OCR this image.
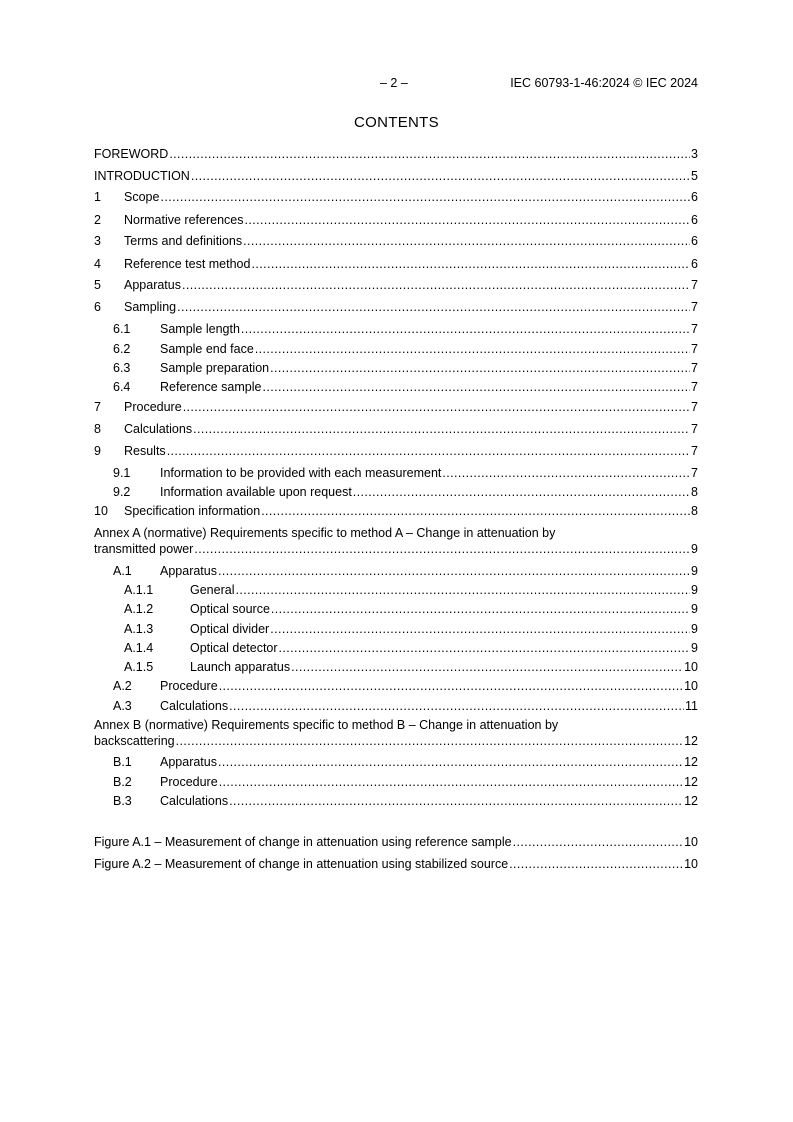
– 2 –	IEC 60793-1-46:2024 © IEC 2024
CONTENTS
FOREWORD .....	3
INTRODUCTION .....	5
1	Scope .....	6
2	Normative references .....	6
3	Terms and definitions .....	6
4	Reference test method .....	6
5	Apparatus .....	7
6	Sampling .....	7
6.1	Sample length .....	7
6.2	Sample end face .....	7
6.3	Sample preparation .....	7
6.4	Reference sample .....	7
7	Procedure .....	7
8	Calculations .....	7
9	Results .....	7
9.1	Information to be provided with each measurement .....	7
9.2	Information available upon request .....	8
10	Specification information .....	8
Annex A (normative) Requirements specific to method A – Change in attenuation by
transmitted power .....	9
A.1	Apparatus .....	9
A.1.1	General .....	9
A.1.2	Optical source .....	9
A.1.3	Optical divider .....	9
A.1.4	Optical detector .....	9
A.1.5	Launch apparatus .....	10
A.2	Procedure .....	10
A.3	Calculations .....	11
Annex B (normative) Requirements specific to method B – Change in attenuation by
backscattering .....	12
B.1	Apparatus .....	12
B.2	Procedure .....	12
B.3	Calculations .....	12
Figure A.1 – Measurement of change in attenuation using reference sample .....	10
Figure A.2 – Measurement of change in attenuation using stabilized source .....	10
